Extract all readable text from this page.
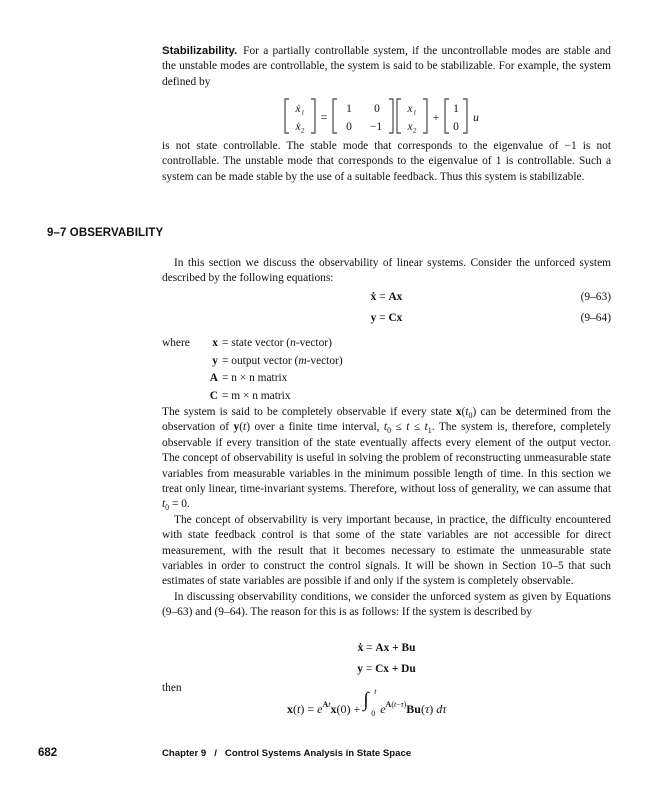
Stabilizability. For a partially controllable system, if the uncontrollable modes are stable and the unstable modes are controllable, the system is said to be stabilizable. For example, the system defined by

ẋ₁
ẋ₂
=
1 0
0 −1
x₁
x₂
+
1
0
u

is not state controllable. The stable mode that corresponds to the eigenvalue of −1 is not controllable. The unstable mode that corresponds to the eigenvalue of 1 is controllable. Such a system can be made stable by the use of a suitable feedback. Thus this system is stabilizable.

9–7 OBSERVABILITY

In this section we discuss the observability of linear systems. Consider the unforced system described by the following equations:

ẋ = Ax	(9–63)
y = Cx	(9–64)
where x = state vector (n-vector)
y = output vector (m-vector)
A = n × n matrix
C = m × n matrix

The system is said to be completely observable if every state $x(t_0)$ can be determined from the observation of y(t) over a finite time interval, $t_0 \le t \le t_1$. The system is, therefore, completely observable if every transition of the state eventually affects every element of the output vector. The concept of observability is useful in solving the problem of reconstructing unmeasurable state variables from measurable variables in the minimum possible length of time. In this section we treat only linear, time-invariant systems. Therefore, without loss of generality, we can assume that $t_0 = 0$.

The concept of observability is very important because, in practice, the difficulty encountered with state feedback control is that some of the state variables are not accessible for direct measurement, with the result that it becomes necessary to estimate the unmeasurable state variables in order to construct the control signals. It will be shown in Section 10–5 that such estimates of state variables are possible if and only if the system is completely observable.

In discussing observability conditions, we consider the unforced system as given by Equations (9–63) and (9–64). The reason for this is as follows: If the system is described by

ẋ = Ax + Bu
y = Cx + Du
then
$x(t) = e^{At}x(0)$ + ∫ t
0 $e^{A(t-\tau)}Bu(\tau)$ dτ
682	Chapter 9   /   Control Systems Analysis in State Space
